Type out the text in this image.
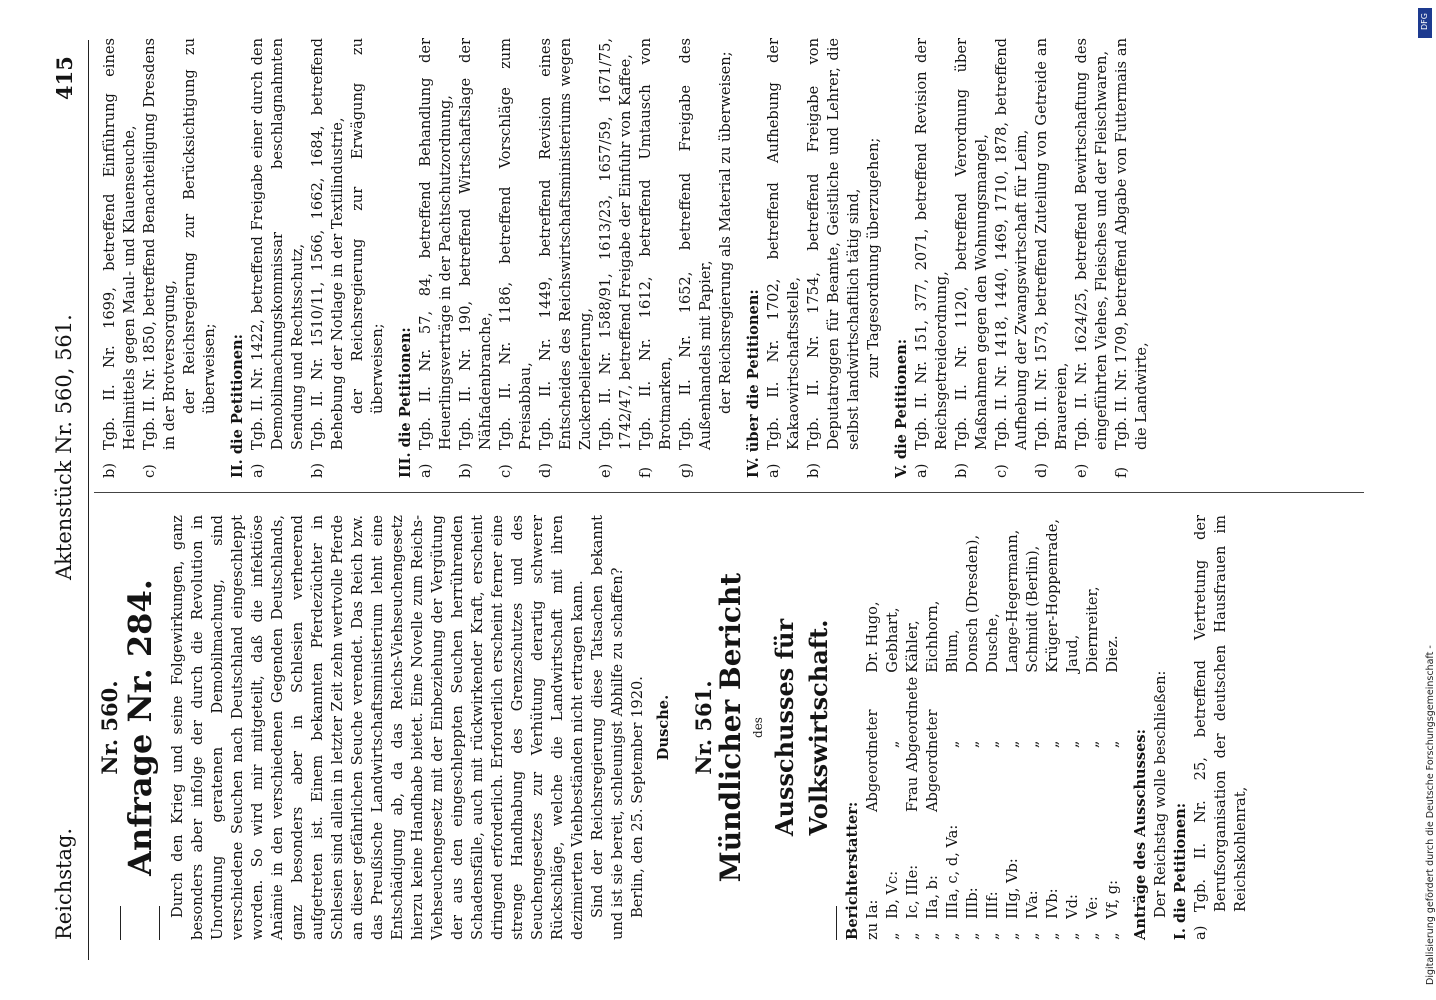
Reichstag.
Aktenstück Nr. 560, 561.
415
Nr. 560. Anfrage Nr. 284. Durch den Krieg und seine Folgewirkungen, ganz besonders aber infolge der durch die Revolution in Unordnung geratenen Demobilmachung, sind verschiedene Seuchen nach Deutschland eingeschleppt worden. So wird mir mitgeteilt, daß die infektiöse Anämie in den verschiedenen Gegenden Deutschlands, ganz besonders aber in Schlesien verheerend aufgetreten ist. Einem bekannten Pferdezüchter in Schlesien sind allein in letzter Zeit zehn wertvolle Pferde an dieser gefährlichen Seuche verendet. Das Reich bzw. das Preußische Landwirtschaftsministerium lehnt eine Entschädigung ab, da das Reichs-Viehseuchengesetz hierzu keine Handhabe bietet. Eine Novelle zum Reichs-Viehseuchengesetz mit der Einbeziehung der Vergütung der aus den eingeschleppten Seuchen herrührenden Schadensfälle, auch mit rückwirkender Kraft, erscheint dringend erforderlich. Erforderlich erscheint ferner eine strenge Handhabung des Grenzschutzes und des Seuchengesetzes zur Verhütung derartig schwerer Rückschläge, welche die Landwirtschaft mit ihren dezimierten Viehbeständen nicht ertragen kann. Sind der Reichsregierung diese Tatsachen bekannt und ist sie bereit, schleunigst Abhilfe zu schaffen? Berlin, den 25. September 1920. Dusche. Nr. 561.
Mündlicher Bericht des Ausschusses für Volkswirtschaft.
Berichterstatter: zu	Ia:	Abgeordneter	Dr. Hugo,
„	Ib, Vc:	„	Gebhart,
„	Ic, IIIe:	Frau Abgeordnete	Kähler,
„	IIa, b:	Abgeordneter	Eichhorn,
„	IIIa, c, d, Va:	„	Blum,
„	IIIb:	„	Donsch (Dresden),
„	IIIf:	„	Dusche,
„	IIIg, Vb:	„	Lange-Hegermann,
„	IVa:	„	Schmidt (Berlin),
„	IVb:	„	Krüger-Hoppenrade,
„	Vd:	„	Jaud,
„	Ve:	„	Diernreiter,
„	Vf, g:	„	Diez.
Anträge des Ausschusses: Der Reichstag wolle beschließen: I. die Petitionen: a)
Tgb. II. Nr. 25, betreffend Vertretung der Berufsorganisation der deutschen Hausfrauen im Reichskohlenrat,
b)
Tgb. II. Nr. 1699, betreffend Einführung eines Heilmittels gegen Maul- und Klauenseuche,
c)
Tgb. II. Nr. 1850, betreffend Benachteiligung Dresdens in der Brotversorgung, der Reichsregierung zur Berücksichtigung zu überweisen; II. die Petitionen: a)
Tgb. II. Nr. 1422, betreffend Freigabe einer durch den Demobilmachungskommissar beschlagnahmten Sendung und Rechtsschutz,
b)
Tgb. II. Nr. 1510/11, 1566, 1662, 1684, betreffend Behebung der Notlage in der Textilindustrie, der Reichsregierung zur Erwägung zu überweisen; III. die Petitionen: a)
Tgb. II. Nr. 57, 84, betreffend Behandlung der Heuerlingsverträge in der Pachtschutzordnung,
b)
Tgb. II. Nr. 190, betreffend Wirtschaftslage der Nähfadenbranche,
c)
Tgb. II. Nr. 1186, betreffend Vorschläge zum Preisabbau,
d)
Tgb. II. Nr. 1449, betreffend Revision eines Entscheides des Reichswirtschaftsministeriums wegen Zuckerbelieferung,
e)
Tgb. II. Nr. 1588/91, 1613/23, 1657/59, 1671/75, 1742/47, betreffend Freigabe der Einfuhr von Kaffee,
f)
Tgb. II. Nr. 1612, betreffend Umtausch von Brotmarken,
g)
Tgb. II. Nr. 1652, betreffend Freigabe des Außenhandels mit Papier, der Reichsregierung als Material zu überweisen; IV. über die Petitionen: a)
Tgb. II. Nr. 1702, betreffend Aufhebung der Kakaowirtschaftsstelle,
b)
Tgb. II. Nr. 1754, betreffend Freigabe von Deputatroggen für Beamte, Geistliche und Lehrer, die selbst landwirtschaftlich tätig sind, zur Tagesordnung überzugehen;
V. die Petitionen: a)
Tgb. II. Nr. 151, 377, 2071, betreffend Revision der Reichsgetreideordnung,
b)
Tgb. II. Nr. 1120, betreffend Verordnung über Maßnahmen gegen den Wohnungsmangel,
c)
Tgb. II. Nr. 1418, 1440, 1469, 1710, 1878, betreffend Aufhebung der Zwangswirtschaft für Leim,
d)
Tgb. II. Nr. 1573, betreffend Zuteilung von Getreide an Brauereien,
e)
Tgb. II. Nr. 1624/25, betreffend Bewirtschaftung des eingeführten Viehes, Fleisches und der Fleischwaren,
f)
Tgb. II. Nr. 1709, betreffend Abgabe von Futtermais an die Landwirte,
Digitalisierung gefördert durch die Deutsche Forschungsgemeinschaft -
DFG
